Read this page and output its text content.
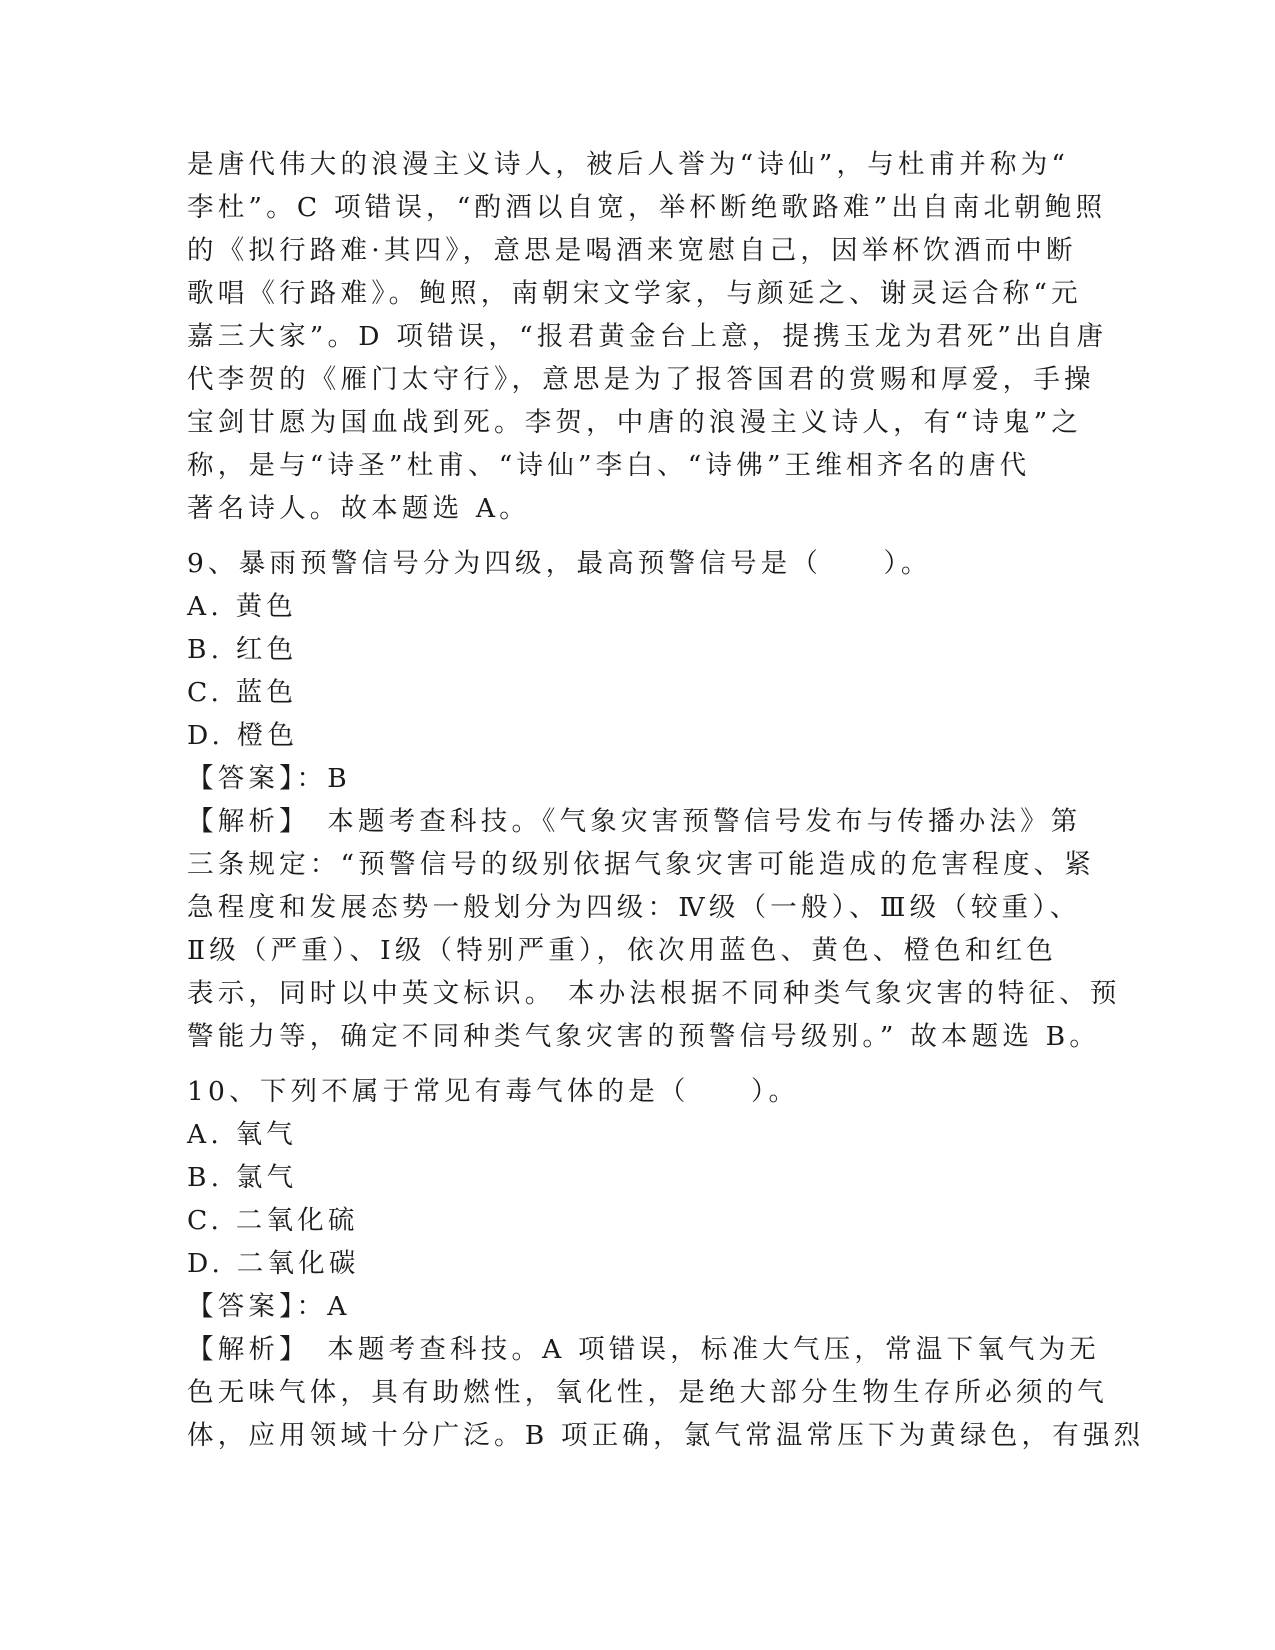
是唐代伟大的浪漫主义诗人，被后人誉为“诗仙”，与杜甫并称为“
李杜”。C 项错误，“酌酒以自宽，举杯断绝歌路难”出自南北朝鲍照
的《拟行路难·其四》，意思是喝酒来宽慰自己，因举杯饮酒而中断
歌唱《行路难》。鲍照，南朝宋文学家，与颜延之、谢灵运合称“元
嘉三大家”。D 项错误，“报君黄金台上意，提携玉龙为君死”出自唐
代李贺的《雁门太守行》，意思是为了报答国君的赏赐和厚爱，手操
宝剑甘愿为国血战到死。李贺，中唐的浪漫主义诗人，有“诗鬼”之
称，是与“诗圣”杜甫、“诗仙”李白、“诗佛”王维相齐名的唐代
著名诗人。故本题选 A。
9、暴雨预警信号分为四级，最高预警信号是（　　）。
A. 黄色
B. 红色
C. 蓝色
D. 橙色
【答案】：B
【解析】　本题考查科技。《气象灾害预警信号发布与传播办法》第
三条规定：“预警信号的级别依据气象灾害可能造成的危害程度、紧
急程度和发展态势一般划分为四级：Ⅳ级（一般）、Ⅲ级（较重）、
Ⅱ级（严重）、Ⅰ级（特别严重），依次用蓝色、黄色、橙色和红色
表示，同时以中英文标识。 本办法根据不同种类气象灾害的特征、预
警能力等，确定不同种类气象灾害的预警信号级别。” 故本题选 B。
10、下列不属于常见有毒气体的是（　　）。
A. 氧气
B. 氯气
C. 二氧化硫
D. 二氧化碳
【答案】：A
【解析】　本题考查科技。A 项错误，标准大气压，常温下氧气为无
色无味气体，具有助燃性，氧化性，是绝大部分生物生存所必须的气
体，应用领域十分广泛。B 项正确，氯气常温常压下为黄绿色，有强烈
